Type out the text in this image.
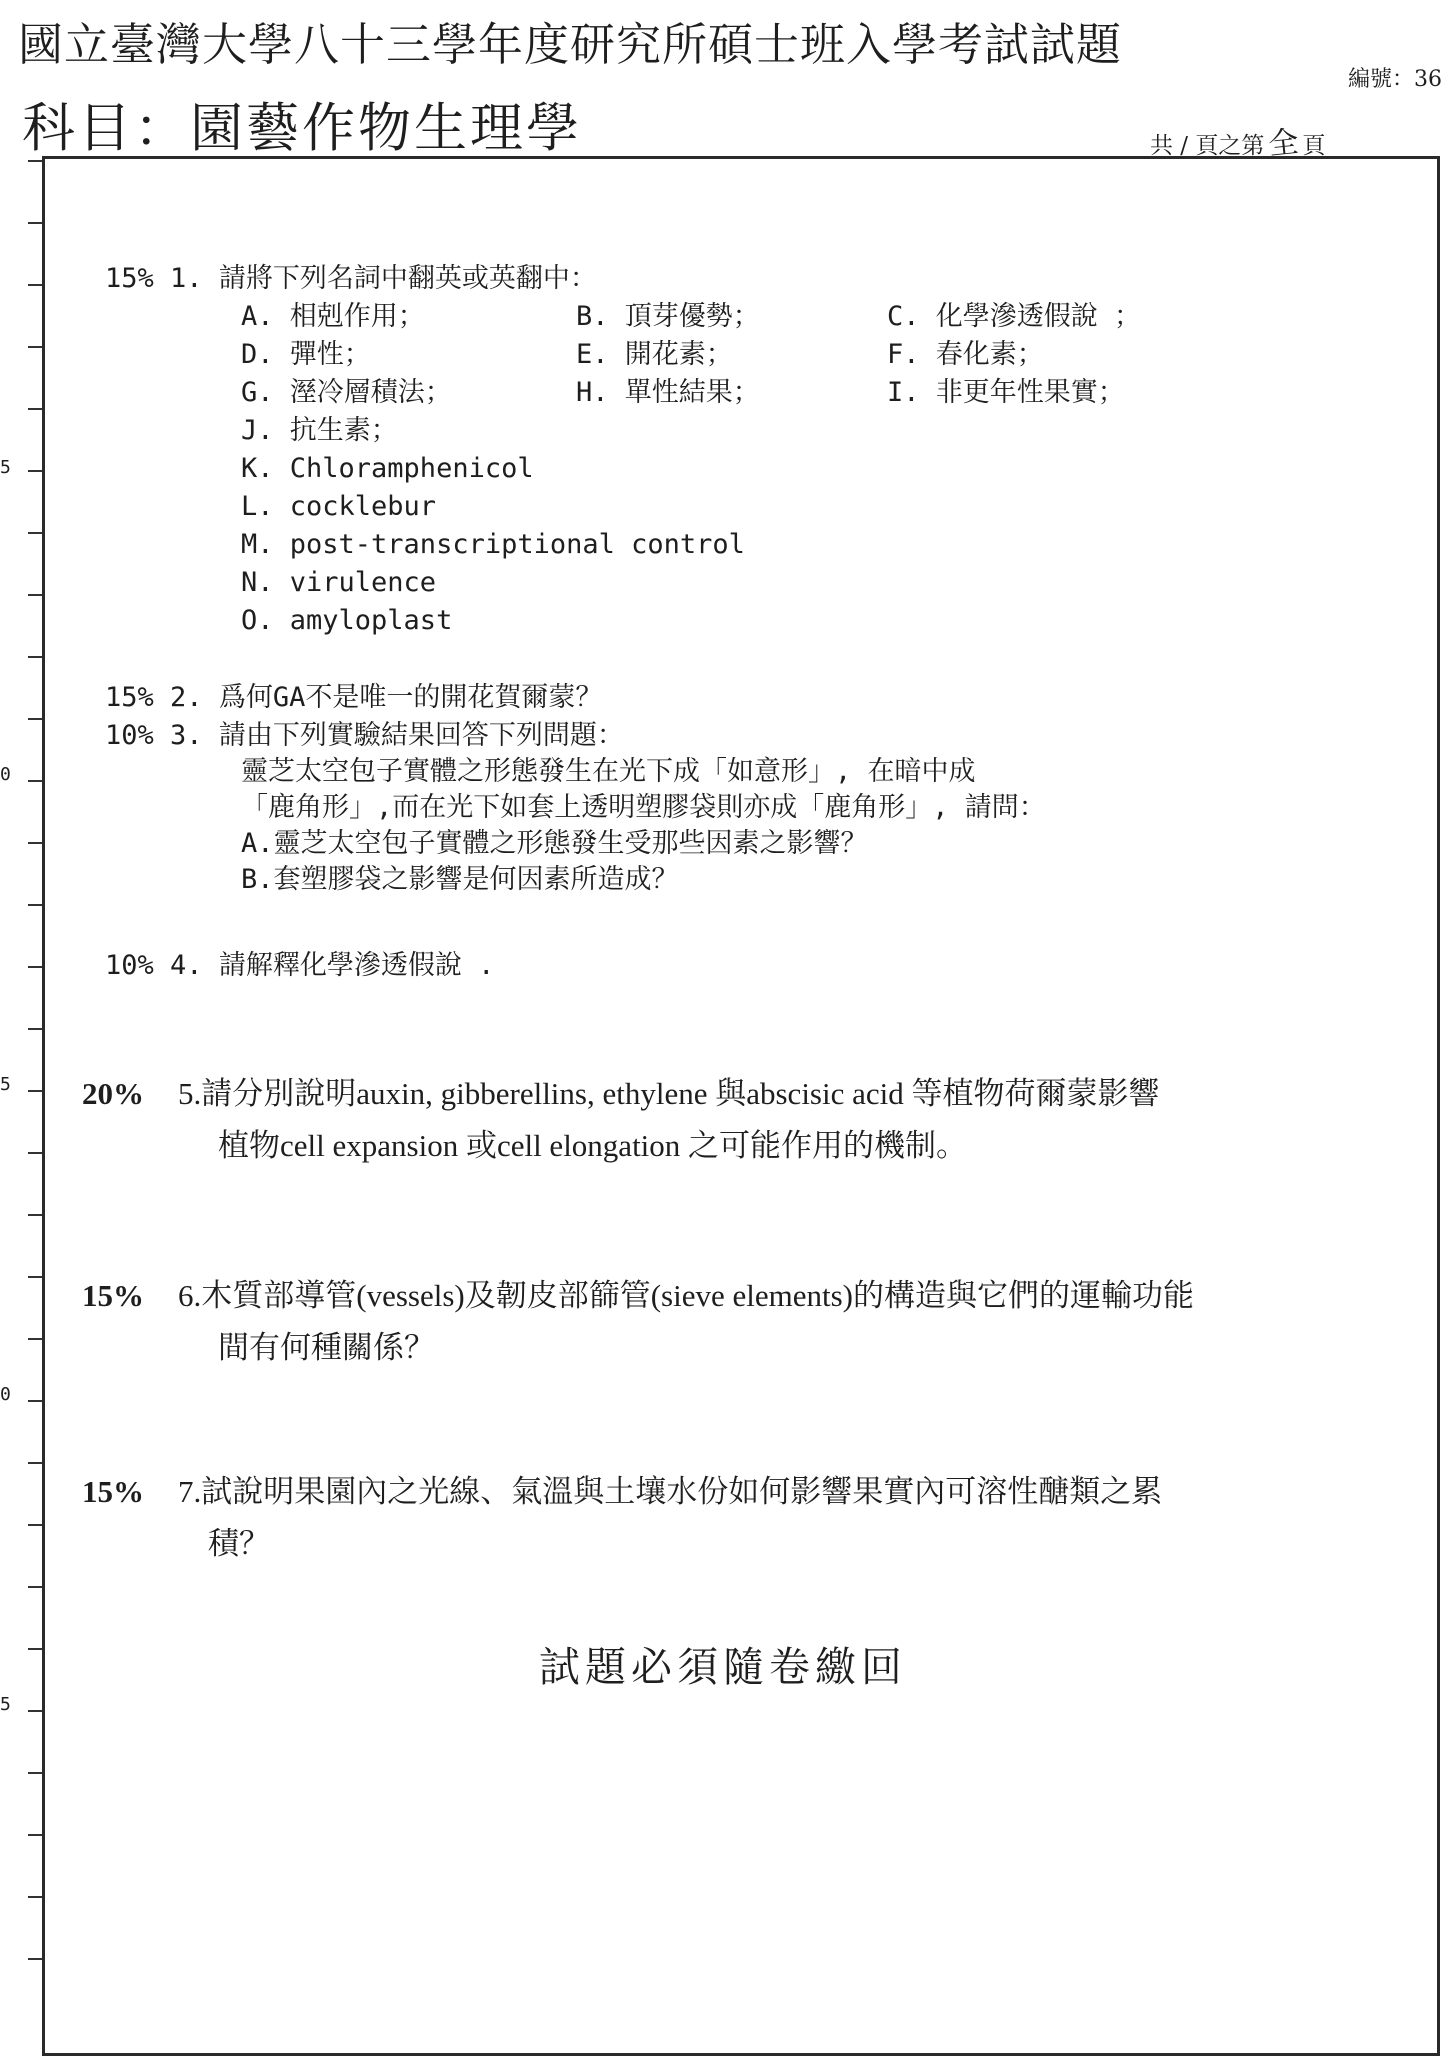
5
0
5
0
5
國立臺灣大學八十三學年度研究所碩士班入學考試試題
科目：園藝作物生理學
編號：36
共 / 頁之第全頁
15%
1.
請將下列名詞中翻英或英翻中：
A. 相剋作用；	B. 頂芽優勢；	C. 化學滲透假說 ；
D. 彈性；	E. 開花素；	F. 春化素；
G. 溼冷層積法；	H. 單性結果；	I. 非更年性果實；
J. 抗生素；
K. Chloramphenicol
L. cocklebur
M. post-transcriptional control
N. virulence
O. amyloplast
15%
2.
爲何GA不是唯一的開花賀爾蒙？
10%
3.
請由下列實驗結果回答下列問題：
靈芝太空包子實體之形態發生在光下成「如意形」, 在暗中成
「鹿角形」,而在光下如套上透明塑膠袋則亦成「鹿角形」, 請問：
A.靈芝太空包子實體之形態發生受那些因素之影響？
B.套塑膠袋之影響是何因素所造成？
10%
4.
請解釋化學滲透假說 .
20%	5.請分別說明auxin, gibberellins, ethylene 與abscisic acid 等植物荷爾蒙影響
植物cell expansion 或cell elongation 之可能作用的機制。
15%	6.木質部導管(vessels)及韌皮部篩管(sieve elements)的構造與它們的運輸功能
間有何種關係？
15%	7.試說明果園內之光線、氣溫與土壤水份如何影響果實內可溶性醣類之累
積？
試題必須隨卷繳回
